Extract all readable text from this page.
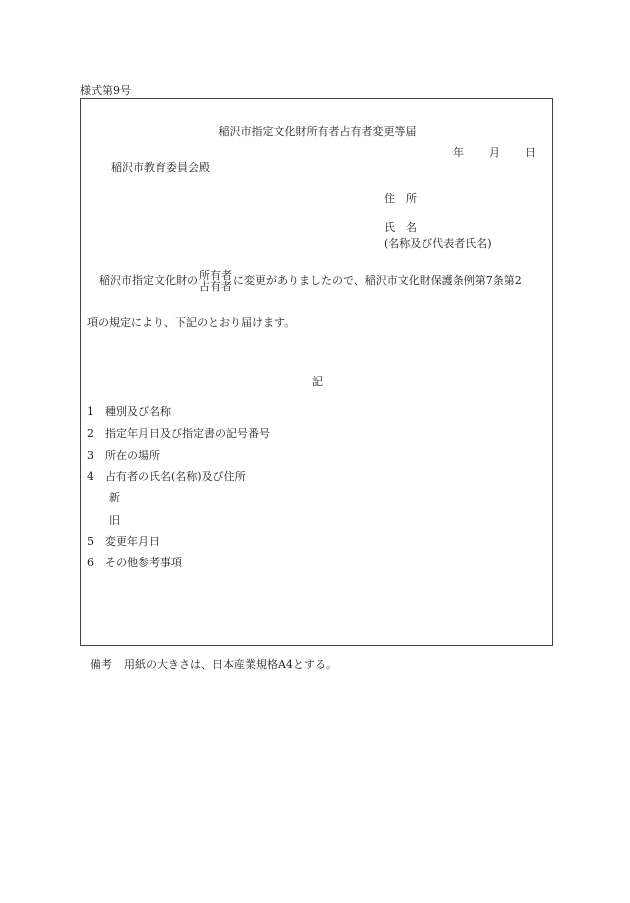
様式第9号
稲沢市指定文化財所有者占有者変更等届
年 月 日
稲沢市教育委員会殿
住　所
氏　名
(名称及び代表者氏名)
稲沢市指定文化財の 所有者
占有者 に変更がありましたので、稲沢市文化財保護条例第7条第2
項の規定により、下記のとおり届けます。
記
1 種別及び名称
2 指定年月日及び指定書の記号番号
3 所在の場所
4 占有者の氏名(名称)及び住所
新
旧
5 変更年月日
6 その他参考事項
備考 用紙の大きさは、日本産業規格A4とする。
